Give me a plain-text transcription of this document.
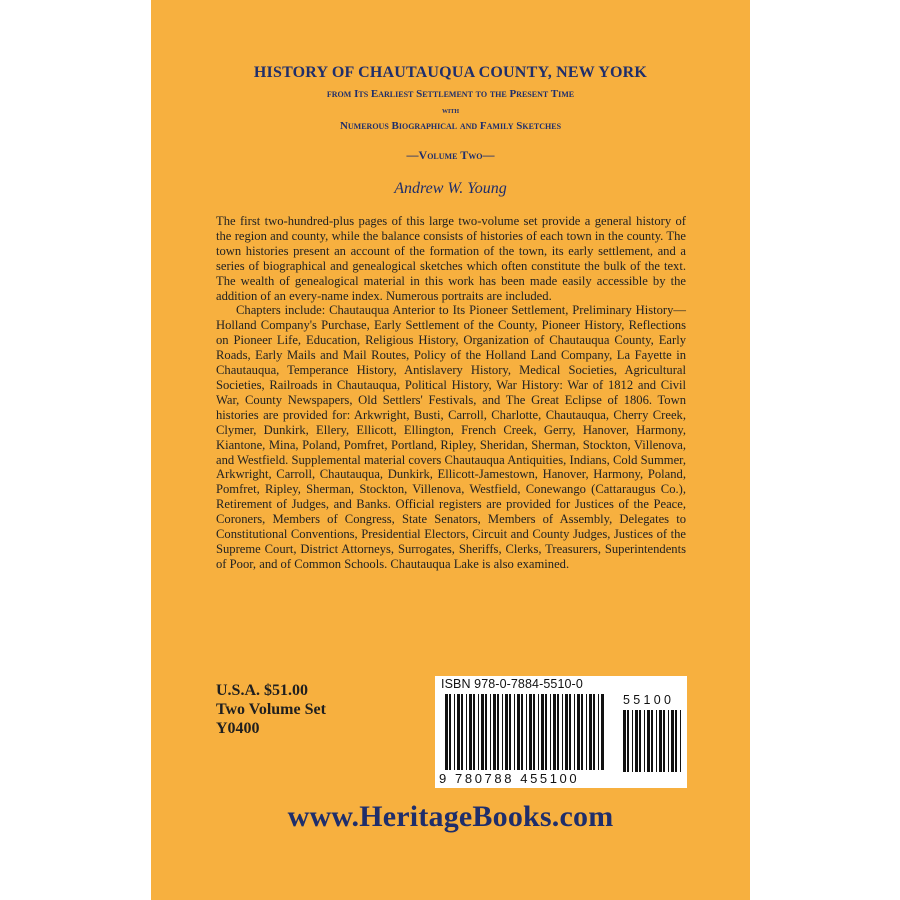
HISTORY OF CHAUTAUQUA COUNTY, NEW YORK
from Its Earliest Settlement to the Present Time
with
Numerous Biographical and Family Sketches
—Volume Two—
Andrew W. Young

The first two-hundred-plus pages of this large two-volume set provide a general history of the region and county, while the balance consists of histories of each town in the county. The town histories present an account of the formation of the town, its early settlement, and a series of biographical and genealogical sketches which often constitute the bulk of the text. The wealth of genealogical material in this work has been made easily accessible by the addition of an every-name index. Numerous portraits are included.

Chapters include: Chautauqua Anterior to Its Pioneer Settlement, Preliminary History—Holland Company's Purchase, Early Settlement of the County, Pioneer History, Reflections on Pioneer Life, Education, Religious History, Organization of Chautauqua County, Early Roads, Early Mails and Mail Routes, Policy of the Holland Land Company, La Fayette in Chautauqua, Temperance History, Antislavery History, Medical Societies, Agricultural Societies, Railroads in Chautauqua, Political History, War History: War of 1812 and Civil War, County Newspapers, Old Settlers' Festivals, and The Great Eclipse of 1806. Town histories are provided for: Arkwright, Busti, Carroll, Charlotte, Chautauqua, Cherry Creek, Clymer, Dunkirk, Ellery, Ellicott, Ellington, French Creek, Gerry, Hanover, Harmony, Kiantone, Mina, Poland, Pomfret, Portland, Ripley, Sheridan, Sherman, Stockton, Villenova, and Westfield. Supplemental material covers Chautauqua Antiquities, Indians, Cold Summer, Arkwright, Carroll, Chautauqua, Dunkirk, Ellicott-Jamestown, Hanover, Harmony, Poland, Pomfret, Ripley, Sherman, Stockton, Villenova, Westfield, Conewango (Cattaraugus Co.), Retirement of Judges, and Banks. Official registers are provided for Justices of the Peace, Coroners, Members of Congress, State Senators, Members of Assembly, Delegates to Constitutional Conventions, Presidential Electors, Circuit and County Judges, Justices of the Supreme Court, District Attorneys, Surrogates, Sheriffs, Clerks, Treasurers, Superintendents of Poor, and of Common Schools. Chautauqua Lake is also examined.

U.S.A. $51.00
Two Volume Set
Y0400
ISBN 978-0-7884-5510-0
9 780788 455100
55100
www.HeritageBooks.com
